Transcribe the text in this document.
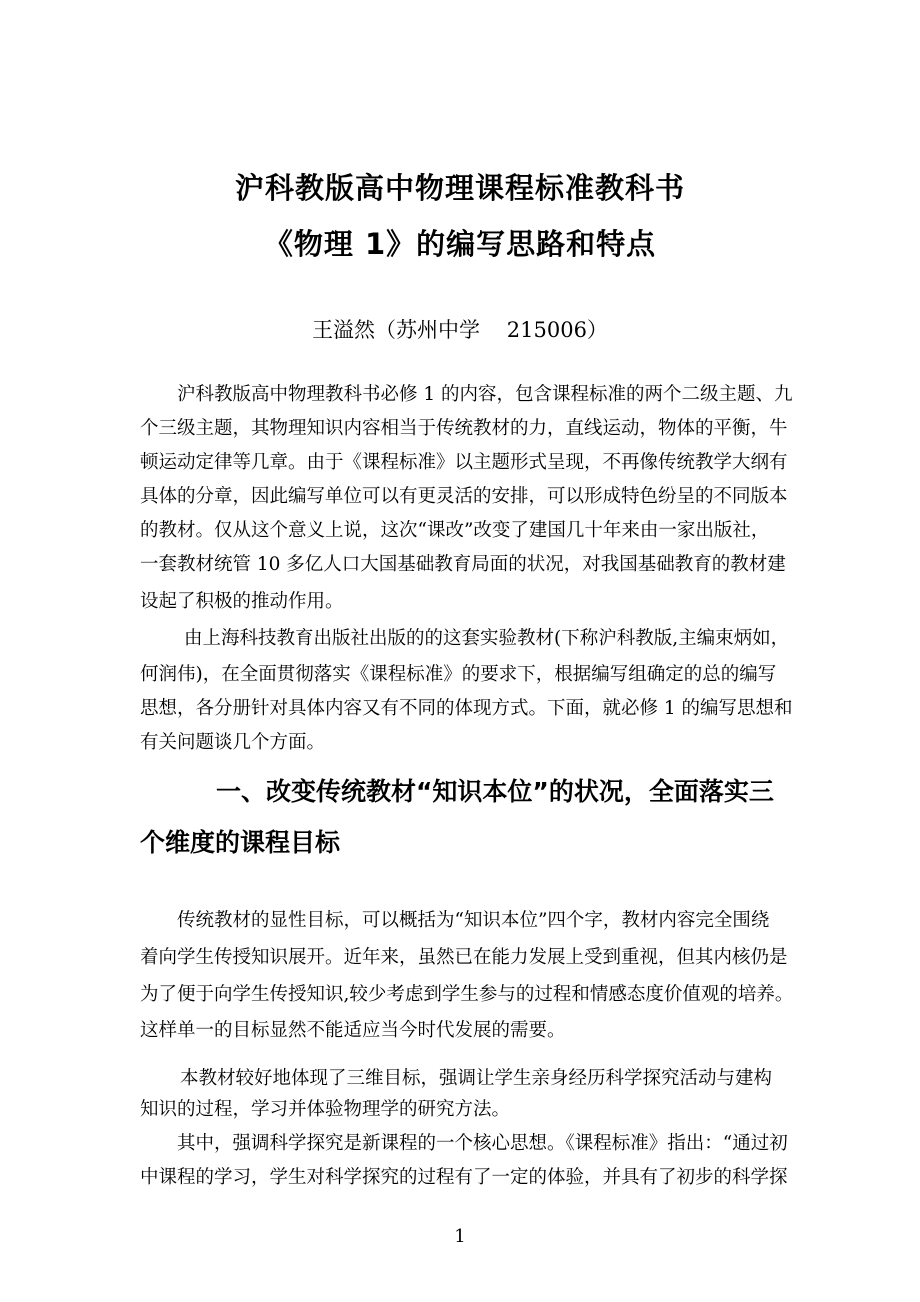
沪科教版高中物理课程标准教科书
《物理 1》的编写思路和特点
王溢然（苏州中学    215006）
沪科教版高中物理教科书必修 1 的内容，包含课程标准的两个二级主题、九
个三级主题，其物理知识内容相当于传统教材的力，直线运动，物体的平衡，牛
顿运动定律等几章。由于《课程标准》以主题形式呈现，不再像传统教学大纲有
具体的分章，因此编写单位可以有更灵活的安排，可以形成特色纷呈的不同版本
的教材。仅从这个意义上说，这次“课改”改变了建国几十年来由一家出版社，
一套教材统管 10 多亿人口大国基础教育局面的状况，对我国基础教育的教材建
设起了积极的推动作用。
由上海科技教育出版社出版的的这套实验教材(下称沪科教版,主编束炳如，
何润伟)，在全面贯彻落实《课程标准》的要求下，根据编写组确定的总的编写
思想，各分册针对具体内容又有不同的体现方式。下面，就必修 1 的编写思想和
有关问题谈几个方面。
一、改变传统教材“知识本位”的状况，全面落实三
个维度的课程目标
传统教材的显性目标，可以概括为“知识本位”四个字，教材内容完全围绕
着向学生传授知识展开。近年来，虽然已在能力发展上受到重视，但其内核仍是
为了便于向学生传授知识,较少考虑到学生参与的过程和情感态度价值观的培养。
这样单一的目标显然不能适应当今时代发展的需要。
本教材较好地体现了三维目标，强调让学生亲身经历科学探究活动与建构
知识的过程，学习并体验物理学的研究方法。
其中，强调科学探究是新课程的一个核心思想。《课程标准》指出：“通过初
中课程的学习，学生对科学探究的过程有了一定的体验，并具有了初步的科学探
1
